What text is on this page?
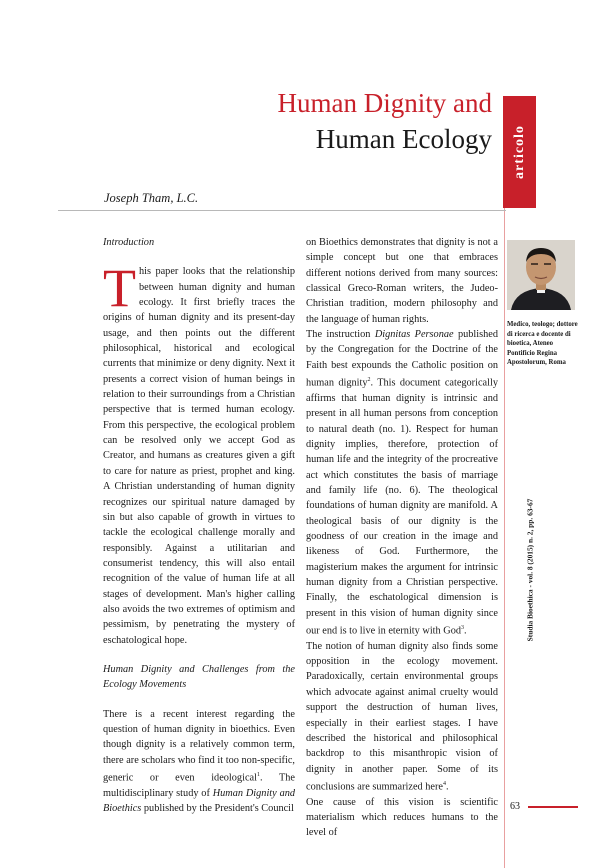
Human Dignity and
Human Ecology articolo
Joseph Tham, L.C.

Introduction

This paper looks that the relationship between human dignity and human ecology. It first briefly traces the origins of human dignity and its present-day usage, and then points out the different philosophical, historical and ecological currents that minimize or deny dignity. Next it presents a correct vision of human beings in relation to their surroundings from a Christian perspective that is termed human ecology. From this perspective, the ecological problem can be resolved only we accept God as Creator, and humans as creatures given a gift to care for nature as priest, prophet and king. A Christian understanding of human dignity recognizes our spiritual nature damaged by sin but also capable of growth in virtues to tackle the ecological challenge morally and responsibly. Against a utilitarian and consumerist tendency, this will also entail recognition of the value of human life at all stages of development. Man's higher calling also avoids the two extremes of optimism and pessimism, by penetrating the mystery of eschatological hope.

Human Dignity and Challenges from the Ecology Movements

There is a recent interest regarding the question of human dignity in bioethics. Even though dignity is a relatively common term, there are scholars who find it too non-specific, generic or even ideological$^1$. The multidisciplinary study of Human Dignity and Bioethics published by the President's Council

on Bioethics demonstrates that dignity is not a simple concept but one that embraces different notions derived from many sources: classical Greco-Roman writers, the Judeo-Christian tradition, modern philosophy and the language of human rights.

The instruction Dignitas Personae published by the Congregation for the Doctrine of the Faith best expounds the Catholic position on human dignity$^2$. This document categorically affirms that human dignity is intrinsic and present in all human persons from conception to natural death (no. 1). Respect for human dignity implies, therefore, protection of human life and the integrity of the procreative act which constitutes the basis of marriage and family life (no. 6). The theological foundations of human dignity are manifold. A theological basis of our dignity is the goodness of our creation in the image and likeness of God. Furthermore, the magisterium makes the argument for intrinsic human dignity from a Christian perspective. Finally, the eschatological dimension is present in this vision of human dignity since our end is to live in eternity with God$^3$.

The notion of human dignity also finds some opposition in the ecology movement. Paradoxically, certain environmental groups which advocate against animal cruelty would support the destruction of human lives, especially in their earliest stages. I have described the historical and philosophical backdrop to this misanthropic vision of dignity in another paper. Some of its conclusions are summarized here$^4$.

One cause of this vision is scientific materialism which reduces humans to the level of

Medico, teologo; dottore di ricerca e docente di bioetica, Ateneo Pontificio Regina Apostolorum, Roma

Studia Bioethica - vol. 8 (2015) n. 2, pp. 63-67
63
